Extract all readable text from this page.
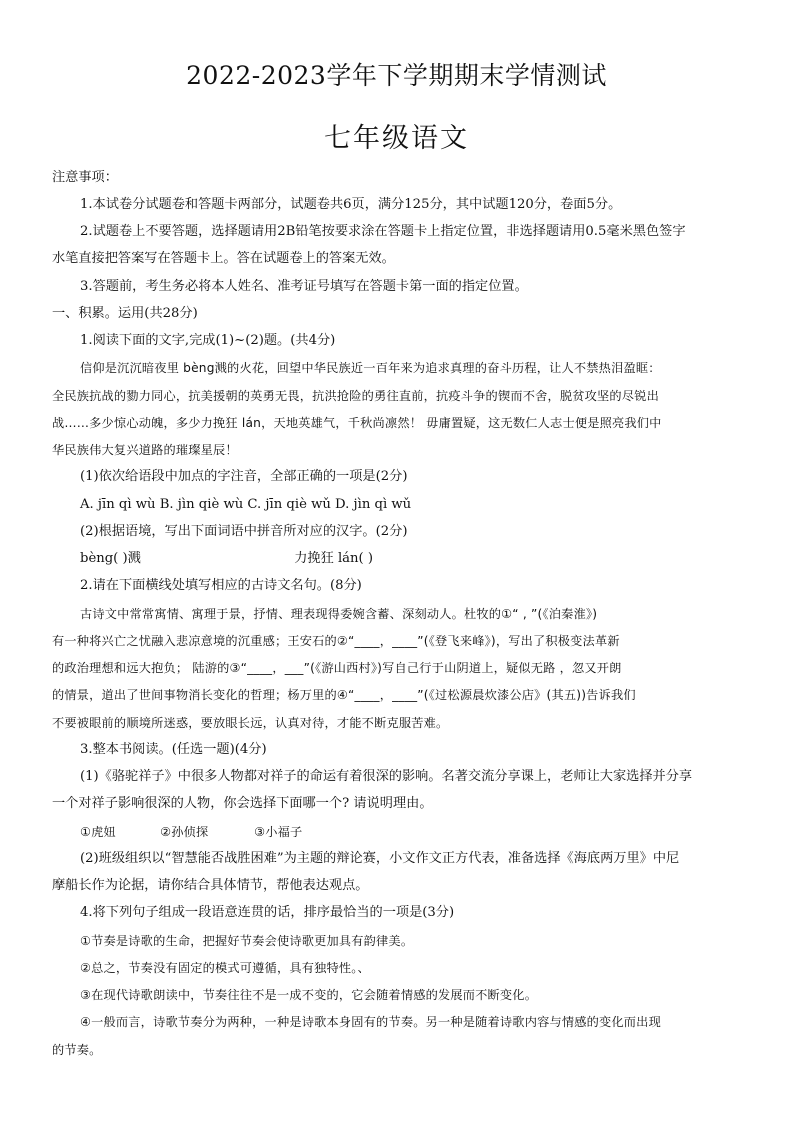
2022-2023学年下学期期末学情测试
七年级语文
注意事项：
1.本试卷分试题卷和答题卡两部分，试题卷共6页，满分125分，其中试题120分，卷面5分。
2.试题卷上不要答题，选择题请用2B铅笔按要求涂在答题卡上指定位置，非选择题请用0.5毫米黑色签字
水笔直接把答案写在答题卡上。答在试题卷上的答案无效。
3.答题前，考生务必将本人姓名、准考证号填写在答题卡第一面的指定位置。
一、积累。运用(共28分)
1.阅读下面的文字,完成(1)~(2)题。(共4分)
信仰是沉沉暗夜里 bèng溅的火花，回望中华民族近一百年来为追求真理的奋斗历程，让人不禁热泪盈眶：
全民族抗战的勠力同心，抗美援朝的英勇无畏，抗洪抢险的勇往直前，抗疫斗争的锲而不舍，脱贫攻坚的尽锐出
战……多少惊心动魄，多少力挽狂 lán，天地英雄气，千秋尚凛然！ 毋庸置疑，这无数仁人志士便是照亮我们中
华民族伟大复兴道路的璀璨星辰！
(1)依次给语段中加点的字注音，全部正确的一项是(2分)
A. jīn qì wù B. jìn qiè wù C. jīn qiè wǔ D. jìn qì wǔ
(2)根据语境，写出下面词语中拼音所对应的汉字。(2分)
bèng( )溅	力挽狂 lán( )
2.请在下面横线处填写相应的古诗文名句。(8分)
古诗文中常常寓情、寓理于景，抒情、理表现得委婉含蓄、深刻动人。杜牧的①“ , ”(《泊秦淮》)
有一种将兴亡之忧融入悲凉意境的沉重感；王安石的②“____，____”(《登飞来峰》)，写出了积极变法革新
的政治理想和远大抱负； 陆游的③“____，___”(《游山西村》)写自己行于山阴道上，疑似无路 ，忽又开朗
的情景，道出了世间事物消长变化的哲理；杨万里的④“____，____”(《过松源晨炊漆公店》(其五))告诉我们
不要被眼前的顺境所迷惑，要放眼长远，认真对待，才能不断克服苦难。
3.整本书阅读。(任选一题)(4分)
(1)《骆驼祥子》中很多人物都对祥子的命运有着很深的影响。名著交流分享课上，老师让大家选择并分享
一个对祥子影响很深的人物，你会选择下面哪一个? 请说明理由。
①虎妞	②孙侦探	③小福子
(2)班级组织以“智慧能否战胜困难”为主题的辩论赛，小文作文正方代表，准备选择《海底两万里》中尼
摩船长作为论据，请你结合具体情节，帮他表达观点。
4.将下列句子组成一段语意连贯的话，排序最恰当的一项是(3分)
①节奏是诗歌的生命，把握好节奏会使诗歌更加具有韵律美。
②总之，节奏没有固定的模式可遵循，具有独特性。、
③在现代诗歌朗读中，节奏往往不是一成不变的，它会随着情感的发展而不断变化。
④一般而言，诗歌节奏分为两种，一种是诗歌本身固有的节奏。另一种是随着诗歌内容与情感的变化而出现
的节奏。
